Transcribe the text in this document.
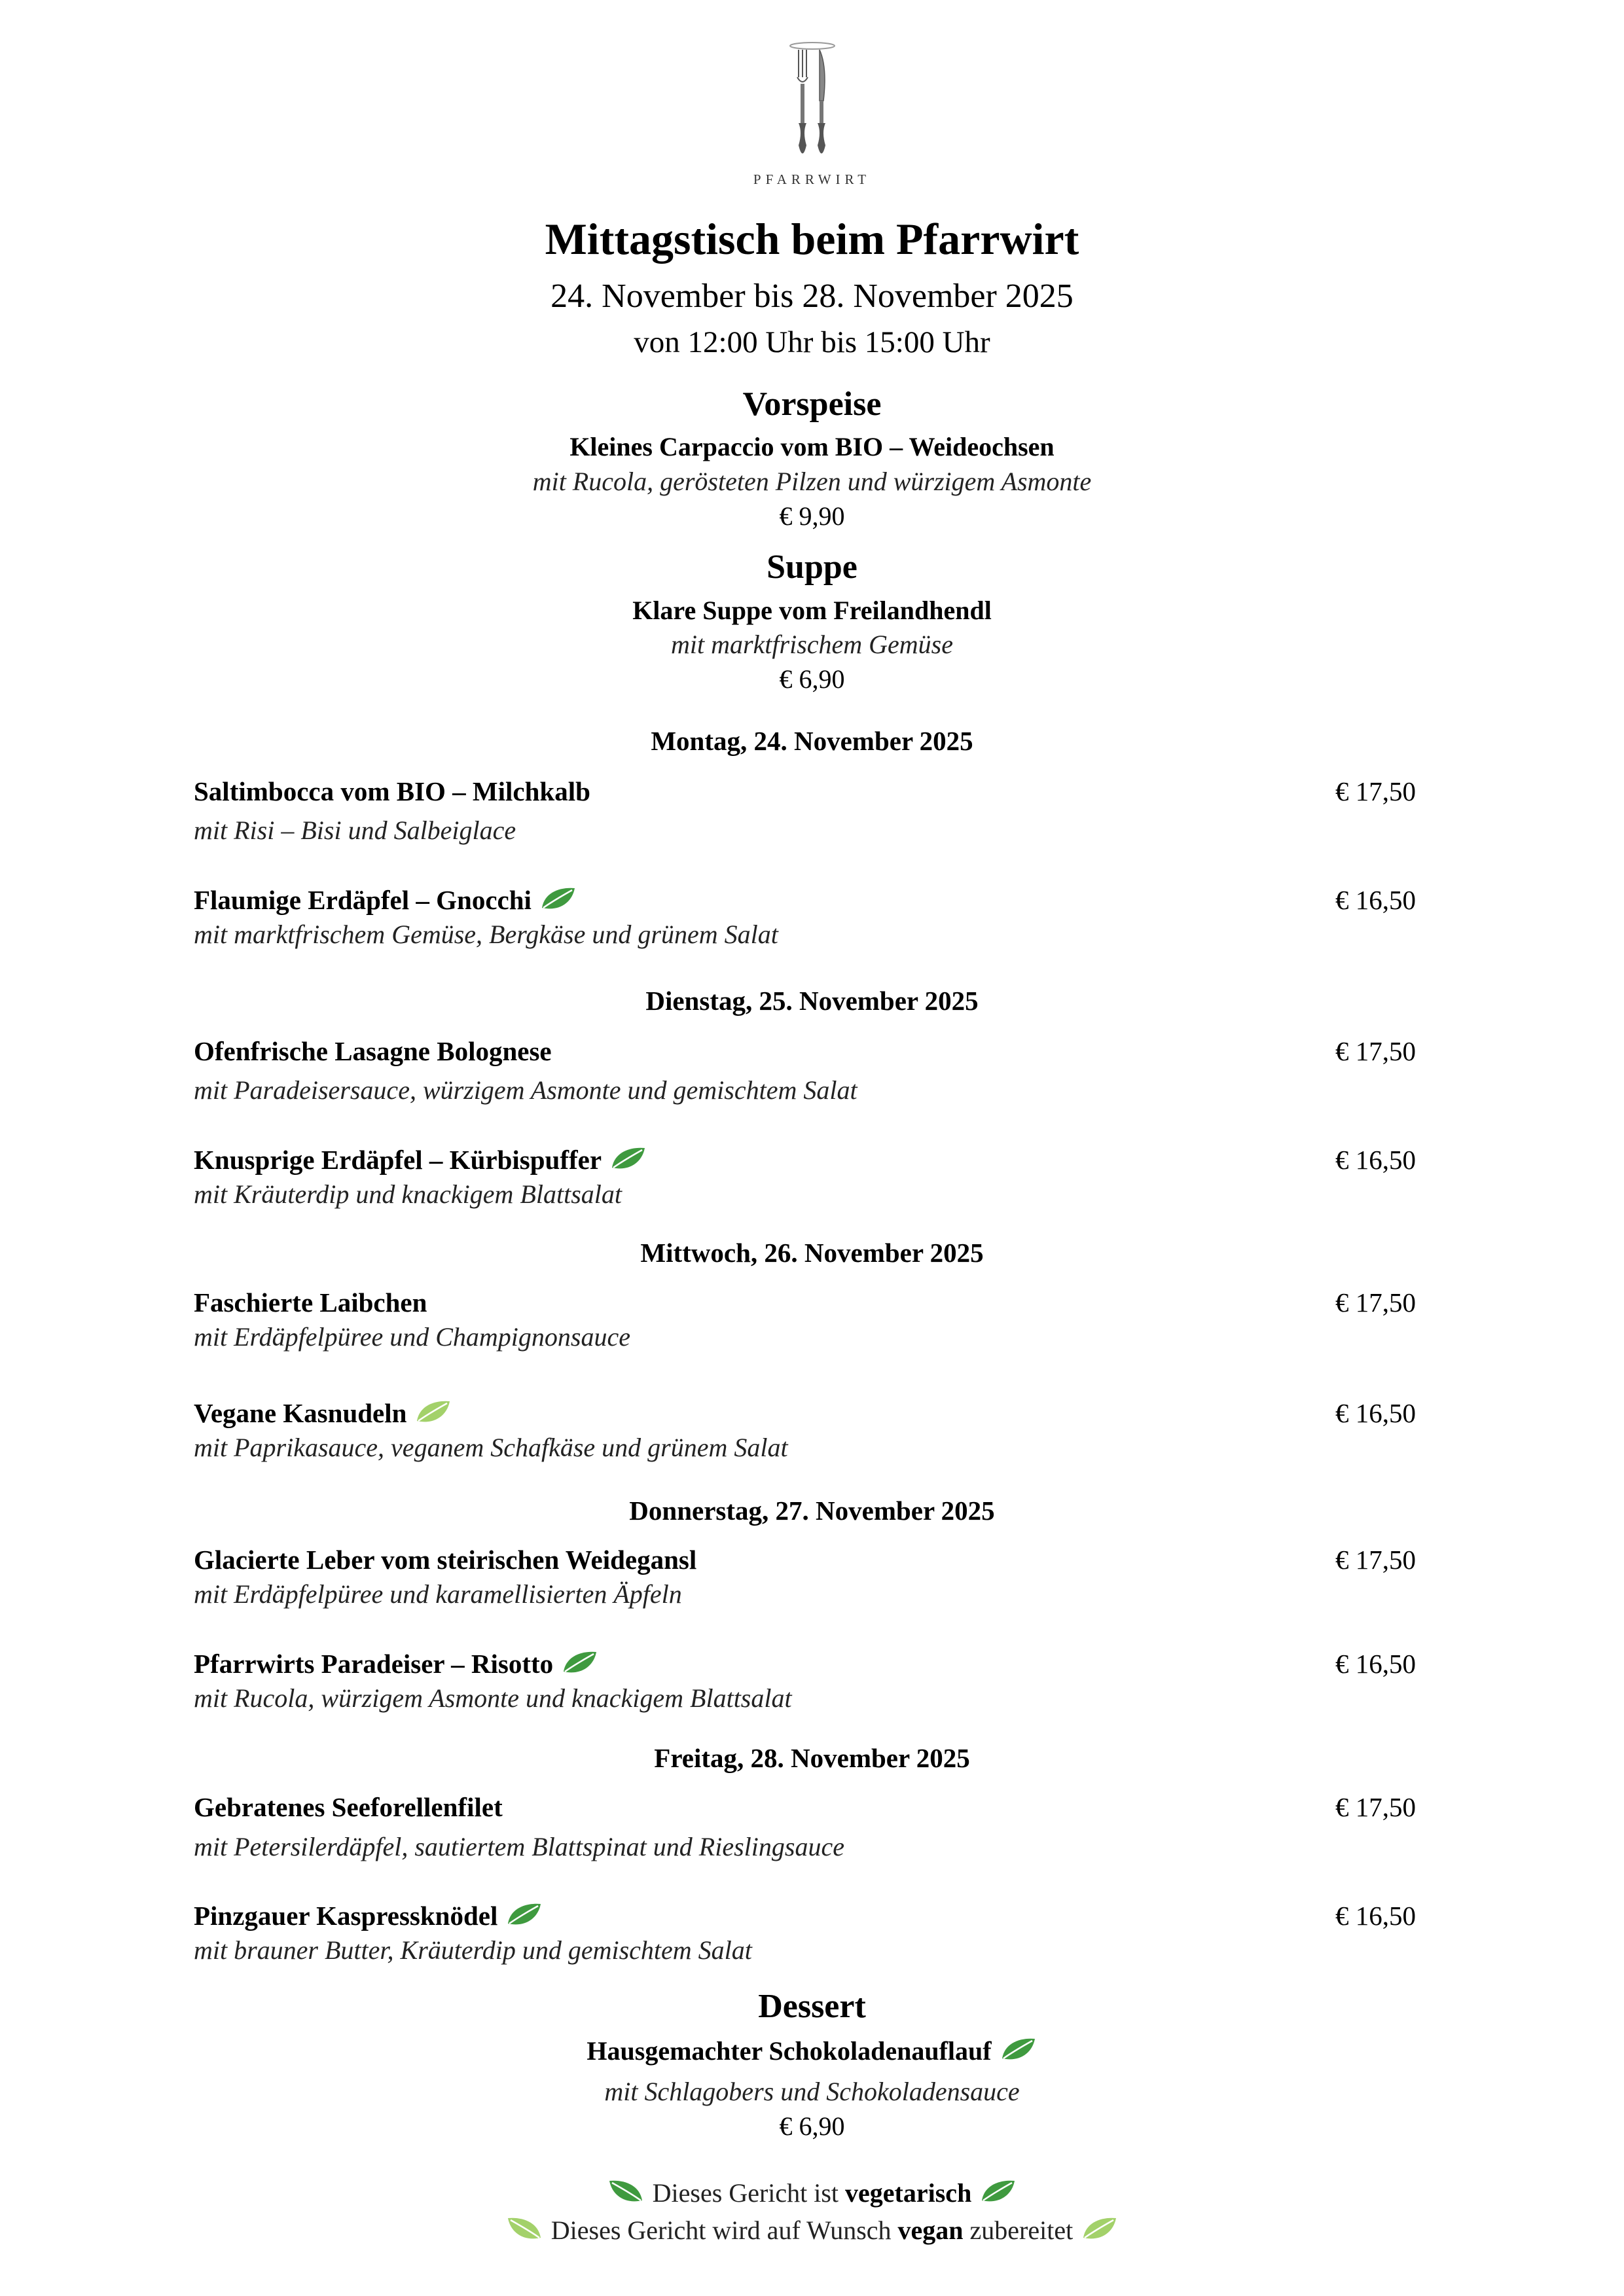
PFARRWIRT
Mittagstisch beim Pfarrwirt
24. November bis 28. November 2025
von 12:00 Uhr bis 15:00 Uhr
Vorspeise
Kleines Carpaccio vom BIO – Weideochsen
mit Rucola, gerösteten Pilzen und würzigem Asmonte
€ 9,90
Suppe
Klare Suppe vom Freilandhendl
mit marktfrischem Gemüse
€ 6,90
Montag, 24. November 2025
Saltimbocca vom BIO – Milchkalb	€ 17,50
mit Risi – Bisi und Salbeiglace
Flaumige Erdäpfel – Gnocchi	€ 16,50
mit marktfrischem Gemüse, Bergkäse und grünem Salat
Dienstag, 25. November 2025
Ofenfrische Lasagne Bolognese	€ 17,50
mit Paradeisersauce, würzigem Asmonte und gemischtem Salat
Knusprige Erdäpfel – Kürbispuffer	€ 16,50
mit Kräuterdip und knackigem Blattsalat
Mittwoch, 26. November 2025
Faschierte Laibchen	€ 17,50
mit Erdäpfelpüree und Champignonsauce
Vegane Kasnudeln	€ 16,50
mit Paprikasauce, veganem Schafkäse und grünem Salat
Donnerstag, 27. November 2025
Glacierte Leber vom steirischen Weidegansl	€ 17,50
mit Erdäpfelpüree und karamellisierten Äpfeln
Pfarrwirts Paradeiser – Risotto	€ 16,50
mit Rucola, würzigem Asmonte und knackigem Blattsalat
Freitag, 28. November 2025
Gebratenes Seeforellenfilet	€ 17,50
mit Petersilerdäpfel, sautiertem Blattspinat und Rieslingsauce
Pinzgauer Kaspressknödel	€ 16,50
mit brauner Butter, Kräuterdip und gemischtem Salat
Dessert
Hausgemachter Schokoladenauflauf
mit Schlagobers und Schokoladensauce
€ 6,90
Dieses Gericht ist vegetarisch
Dieses Gericht wird auf Wunsch vegan zubereitet
